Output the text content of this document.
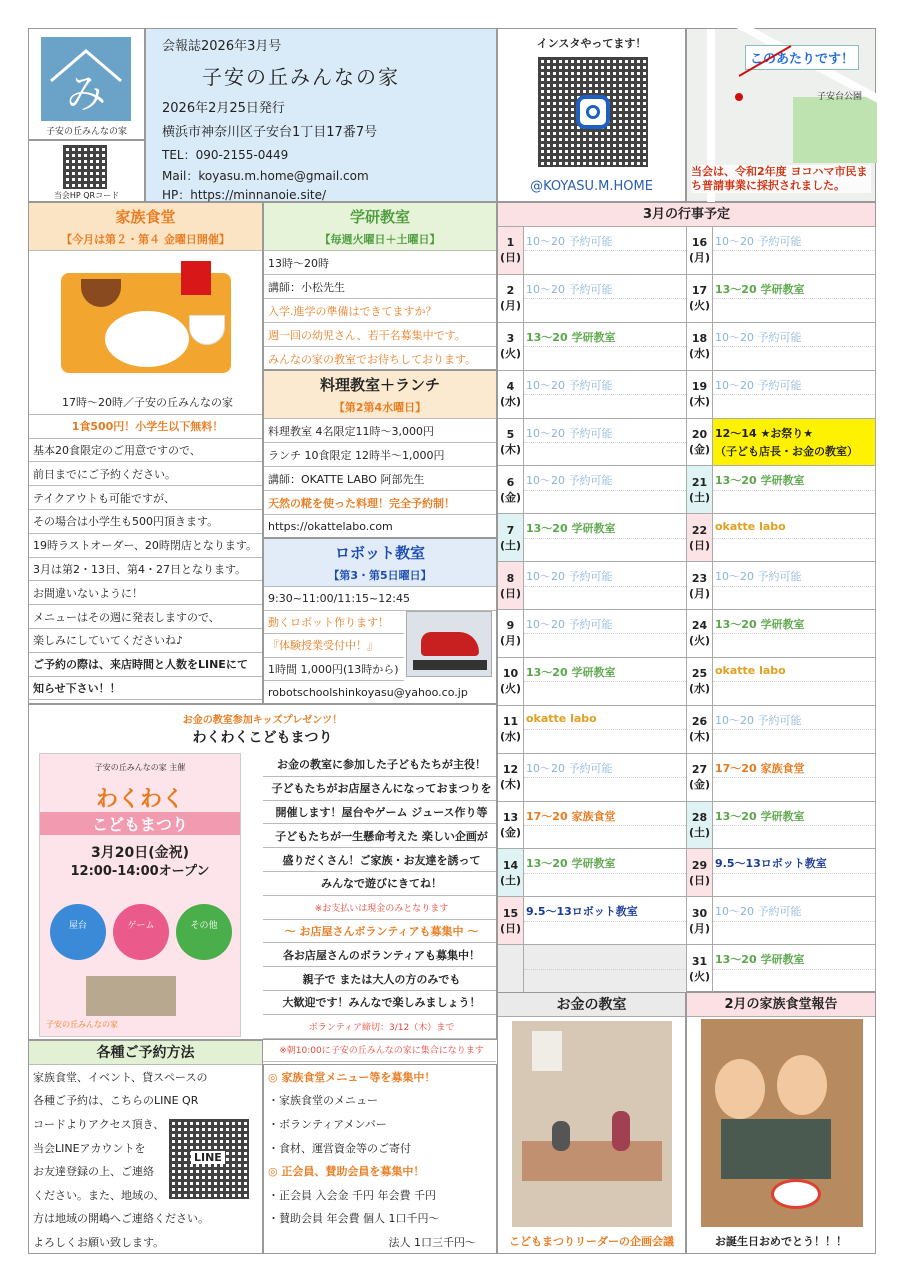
み
子安の丘みんなの家
当会HP QRコード
会報誌2026年3月号
子安の丘みんなの家
2026年2月25日発行
横浜市神奈川区子安台1丁目17番7号
TEL：090-2155-0449
Mail：koyasu.m.home@gmail.com
HP：https://minnanoie.site/
インスタやってます！
@KOYASU.M.HOME
このあたりです！
子安台公園
当会は、令和2年度 ヨコハマ市民まち普請事業に採択されました。
家族食堂
【今月は第２・第４ 金曜日開催】
17時～20時／子安の丘みんなの家
1食500円！小学生以下無料！
基本20食限定のご用意ですので、
前日までにご予約ください。
テイクアウトも可能ですが、
その場合は小学生も500円頂きます。
19時ラストオーダー、20時閉店となります。
3月は第2・13日、第4・27日となります。
お間違いないように！
メニューはその週に発表しますので、
楽しみにしていてくださいね♪
ご予約の際は、来店時間と人数をLINEにて
知らせ下さい！！
学研教室
【毎週火曜日＋土曜日】
13時～20時
講師：小松先生
入学.進学の準備はできてますか？
週一回の幼児さん、若干名募集中です。
みんなの家の教室でお待ちしております。
料理教室＋ランチ
【第2第4水曜日】
料理教室 4名限定11時～3,000円
ランチ 10食限定 12時半～1,000円
講師：OKATTE LABO 阿部先生
天然の糀を使った料理！完全予約制！
https://okattelabo.com
ロボット教室
【第3・第5日曜日】
9:30~11:00/11:15~12:45
動くロボット作ります！
『体験授業受付中！』
1時間 1,000円(13時から)
robotschoolshinkoyasu@yahoo.co.jp
お金の教室参加キッズプレゼンツ！
わくわくこどもまつり
子安の丘みんなの家 主催
わくわく
こどもまつり
3月20日(金祝)
12:00-14:00オープン
屋台	ゲーム	その他
子安の丘みんなの家
お金の教室に参加した子どもたちが主役！
子どもたちがお店屋さんになっておまつりを
開催します！屋台やゲーム ジュース作り等
子どもたちが一生懸命考えた 楽しい企画が
盛りだくさん！ご家族・お友達を誘って
みんなで遊びにきてね！
※お支払いは現金のみとなります
～ お店屋さんボランティアも募集中 ～
各お店屋さんのボランティアも募集中！
親子で または大人の方のみでも
大歓迎です！みんなで楽しみましょう！
ボランティア締切：3/12（木）まで
※朝10:00に子安の丘みんなの家に集合になります
各種ご予約方法
家族食堂、イベント、貸スペースの
各種ご予約は、こちらのLINE QR
コードよりアクセス頂き、
当会LINEアカウントを
お友達登録の上、ご連絡
ください。また、地域の、
方は地域の開嶋へご連絡ください。
よろしくお願い致します。
LINE
◎ 家族食堂メニュー等を募集中！
・家族食堂のメニュー
・ボランティアメンバー
・食材、運営資金等のご寄付
◎ 正会員、賛助会員を募集中！
・正会員 入会金 千円 年会費 千円
・賛助会員 年会費 個人 1口千円～
法人 1口三千円～
3月の行事予定
1
(日)
10～20 予約可能
2
(月)
10～20 予約可能
3
(火)
13～20 学研教室
4
(水)
10～20 予約可能
5
(木)
10～20 予約可能
6
(金)
10～20 予約可能
7
(土)
13～20 学研教室
8
(日)
10～20 予約可能
9
(月)
10～20 予約可能
10
(火)
13～20 学研教室
11
(水)
okatte labo
12
(木)
10～20 予約可能
13
(金)
17～20 家族食堂
14
(土)
13～20 学研教室
15
(日)
9.5～13ロボット教室
16
(月)
10～20 予約可能
17
(火)
13～20 学研教室
18
(水)
10～20 予約可能
19
(木)
10～20 予約可能
20
(金)
12～14 ★お祭り★
（子ども店長・お金の教室）
21
(土)
13～20 学研教室
22
(日)
okatte labo
23
(月)
10～20 予約可能
24
(火)
13～20 学研教室
25
(水)
okatte labo
26
(木)
10～20 予約可能
27
(金)
17～20 家族食堂
28
(土)
13～20 学研教室
29
(日)
9.5～13ロボット教室
30
(月)
10～20 予約可能
31
(火)
13～20 学研教室
お金の教室
こどもまつりリーダーの企画会議
2月の家族食堂報告
お誕生日おめでとう！！！
